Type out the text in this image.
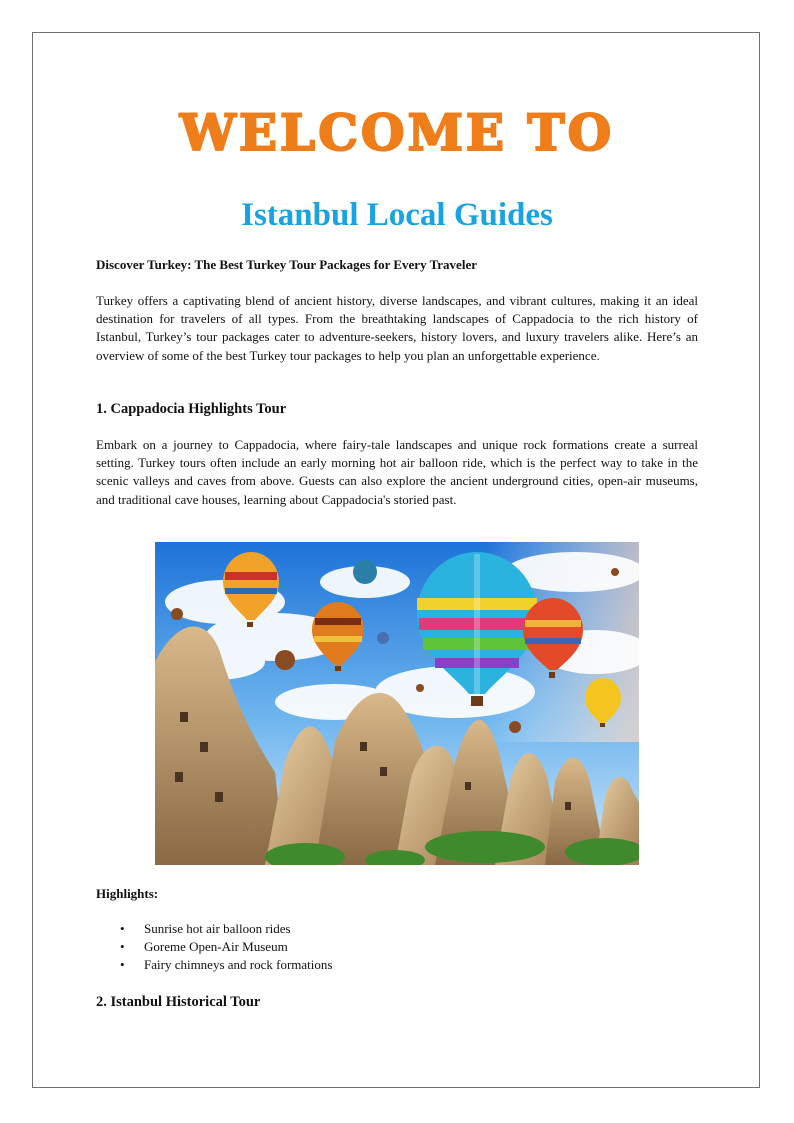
WELCOME TO
Istanbul Local Guides
Discover Turkey: The Best Turkey Tour Packages for Every Traveler
Turkey offers a captivating blend of ancient history, diverse landscapes, and vibrant cultures, making it an ideal destination for travelers of all types. From the breathtaking landscapes of Cappadocia to the rich history of Istanbul, Turkey’s tour packages cater to adventure-seekers, history lovers, and luxury travelers alike. Here’s an overview of some of the best Turkey tour packages to help you plan an unforgettable experience.
1. Cappadocia Highlights Tour
Embark on a journey to Cappadocia, where fairy-tale landscapes and unique rock formations create a surreal setting. Turkey tours often include an early morning hot air balloon ride, which is the perfect way to take in the scenic valleys and caves from above. Guests can also explore the ancient underground cities, open-air museums, and traditional cave houses, learning about Cappadocia's storied past.
Highlights:
• Sunrise hot air balloon rides
• Goreme Open-Air Museum
• Fairy chimneys and rock formations
2. Istanbul Historical Tour
